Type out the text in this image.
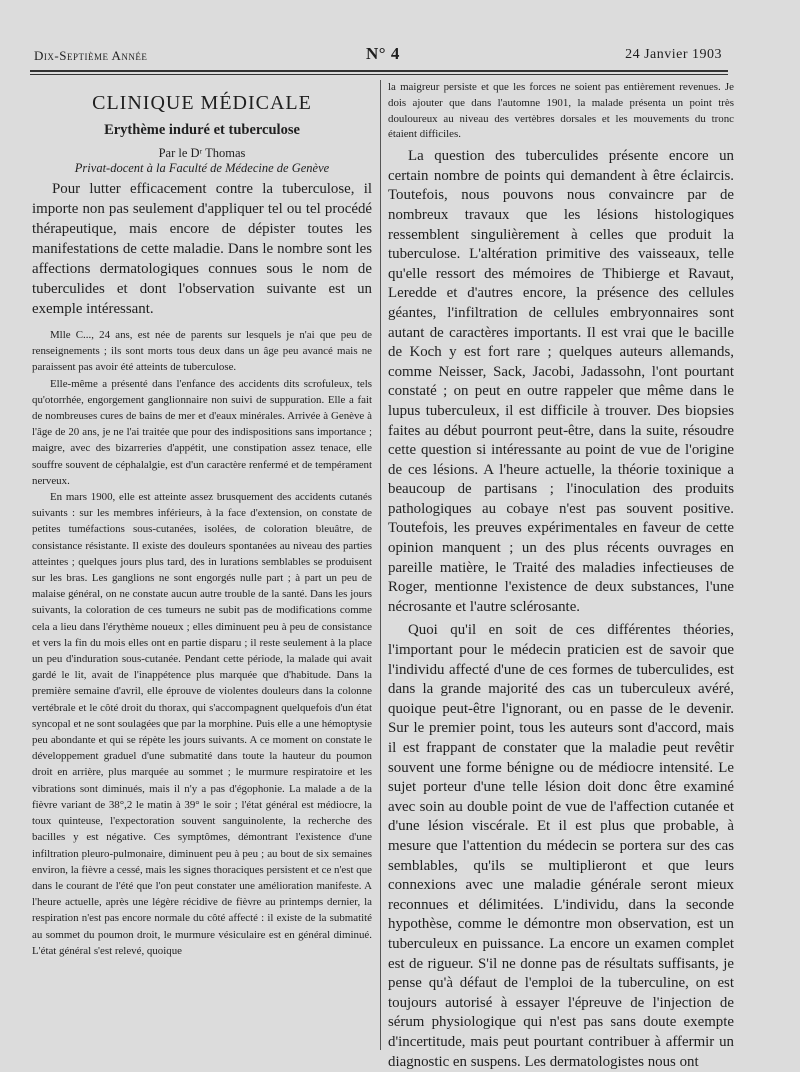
Dix-Septième Année	N° 4	24 Janvier 1903
CLINIQUE MÉDICALE
Erythème induré et tuberculose
Par le Dʳ Thomas
Privat-docent à la Faculté de Médecine de Genève

Pour lutter efficacement contre la tuberculose, il importe non pas seulement d'appliquer tel ou tel procédé thérapeutique, mais encore de dépister toutes les manifestations de cette maladie. Dans le nombre sont les affections dermatologiques connues sous le nom de tuberculides et dont l'observation suivante est un exemple intéressant.

Mlle C..., 24 ans, est née de parents sur lesquels je n'ai que peu de renseignements ; ils sont morts tous deux dans un âge peu avancé mais ne paraissent pas avoir été atteints de tuberculose.

Elle-même a présenté dans l'enfance des accidents dits scrofuleux, tels qu'otorrhée, engorgement ganglionnaire non suivi de suppuration. Elle a fait de nombreuses cures de bains de mer et d'eaux minérales. Arrivée à Genève à l'âge de 20 ans, je ne l'ai traitée que pour des indispositions sans importance ; maigre, avec des bizarreries d'appétit, une constipation assez tenace, elle souffre souvent de céphalalgie, est d'un caractère renfermé et de tempérament nerveux.

En mars 1900, elle est atteinte assez brusquement des accidents cutanés suivants : sur les membres inférieurs, à la face d'extension, on constate de petites tuméfactions sous-cutanées, isolées, de coloration bleuâtre, de consistance résistante. Il existe des douleurs spontanées au niveau des parties atteintes ; quelques jours plus tard, des in lurations semblables se produisent sur les bras. Les ganglions ne sont engorgés nulle part ; à part un peu de malaise général, on ne constate aucun autre trouble de la santé. Dans les jours suivants, la coloration de ces tumeurs ne subit pas de modifications comme cela a lieu dans l'érythème noueux ; elles diminuent peu à peu de consistance et vers la fin du mois elles ont en partie disparu ; il reste seulement à la place un peu d'induration sous-cutanée. Pendant cette période, la malade qui avait gardé le lit, avait de l'inappétence plus marquée que d'habitude. Dans la première semaine d'avril, elle éprouve de violentes douleurs dans la colonne vertébrale et le côté droit du thorax, qui s'accompagnent quelquefois d'un état syncopal et ne sont soulagées que par la morphine. Puis elle a une hémoptysie peu abondante et qui se répète les jours suivants. A ce moment on constate le développement graduel d'une submatité dans toute la hauteur du poumon droit en arrière, plus marquée au sommet ; le murmure respiratoire et les vibrations sont diminués, mais il n'y a pas d'égophonie. La malade a de la fièvre variant de 38°,2 le matin à 39° le soir ; l'état général est médiocre, la toux quinteuse, l'expectoration souvent sanguinolente, la recherche des bacilles y est négative. Ces symptômes, démontrant l'existence d'une infiltration pleuro-pulmonaire, diminuent peu à peu ; au bout de six semaines environ, la fièvre a cessé, mais les signes thoraciques persistent et ce n'est que dans le courant de l'été que l'on peut constater une amélioration manifeste. A l'heure actuelle, après une légère récidive de fièvre au printemps dernier, la respiration n'est pas encore normale du côté affecté : il existe de la submatité au sommet du poumon droit, le murmure vésiculaire est en général diminué. L'état général s'est relevé, quoique

la maigreur persiste et que les forces ne soient pas entièrement revenues. Je dois ajouter que dans l'automne 1901, la malade présenta un point très douloureux au niveau des vertèbres dorsales et les mouvements du tronc étaient difficiles.

La question des tuberculides présente encore un certain nombre de points qui demandent à être éclaircis. Toutefois, nous pouvons nous convaincre par de nombreux travaux que les lésions histologiques ressemblent singulièrement à celles que produit la tuberculose. L'altération primitive des vaisseaux, telle qu'elle ressort des mémoires de Thibierge et Ravaut, Leredde et d'autres encore, la présence des cellules géantes, l'infiltration de cellules embryonnaires sont autant de caractères importants. Il est vrai que le bacille de Koch y est fort rare ; quelques auteurs allemands, comme Neisser, Sack, Jacobi, Jadassohn, l'ont pourtant constaté ; on peut en outre rappeler que même dans le lupus tuberculeux, il est difficile à trouver. Des biopsies faites au début pourront peut-être, dans la suite, résoudre cette question si intéressante au point de vue de l'origine de ces lésions. A l'heure actuelle, la théorie toxinique a beaucoup de partisans ; l'inoculation des produits pathologiques au cobaye n'est pas souvent positive. Toutefois, les preuves expérimentales en faveur de cette opinion manquent ; un des plus récents ouvrages en pareille matière, le Traité des maladies infectieuses de Roger, mentionne l'existence de deux substances, l'une nécrosante et l'autre sclérosante.

Quoi qu'il en soit de ces différentes théories, l'important pour le médecin praticien est de savoir que l'individu affecté d'une de ces formes de tuberculides, est dans la grande majorité des cas un tuberculeux avéré, quoique peut-être l'ignorant, ou en passe de le devenir. Sur le premier point, tous les auteurs sont d'accord, mais il est frappant de constater que la maladie peut revêtir souvent une forme bénigne ou de médiocre intensité. Le sujet porteur d'une telle lésion doit donc être examiné avec soin au double point de vue de l'affection cutanée et d'une lésion viscérale. Et il est plus que probable, à mesure que l'attention du médecin se portera sur des cas semblables, qu'ils se multiplieront et que leurs connexions avec une maladie générale seront mieux reconnues et délimitées. L'individu, dans la seconde hypothèse, comme le démontre mon observation, est un tuberculeux en puissance. La encore un examen complet est de rigueur. S'il ne donne pas de résultats suffisants, je pense qu'à défaut de l'emploi de la tuberculine, on est toujours autorisé à essayer l'épreuve de l'injection de sérum physiologique qui n'est pas sans doute exempte d'incertitude, mais peut pourtant contribuer à affermir un diagnostic en suspens. Les dermatologistes nous ont
